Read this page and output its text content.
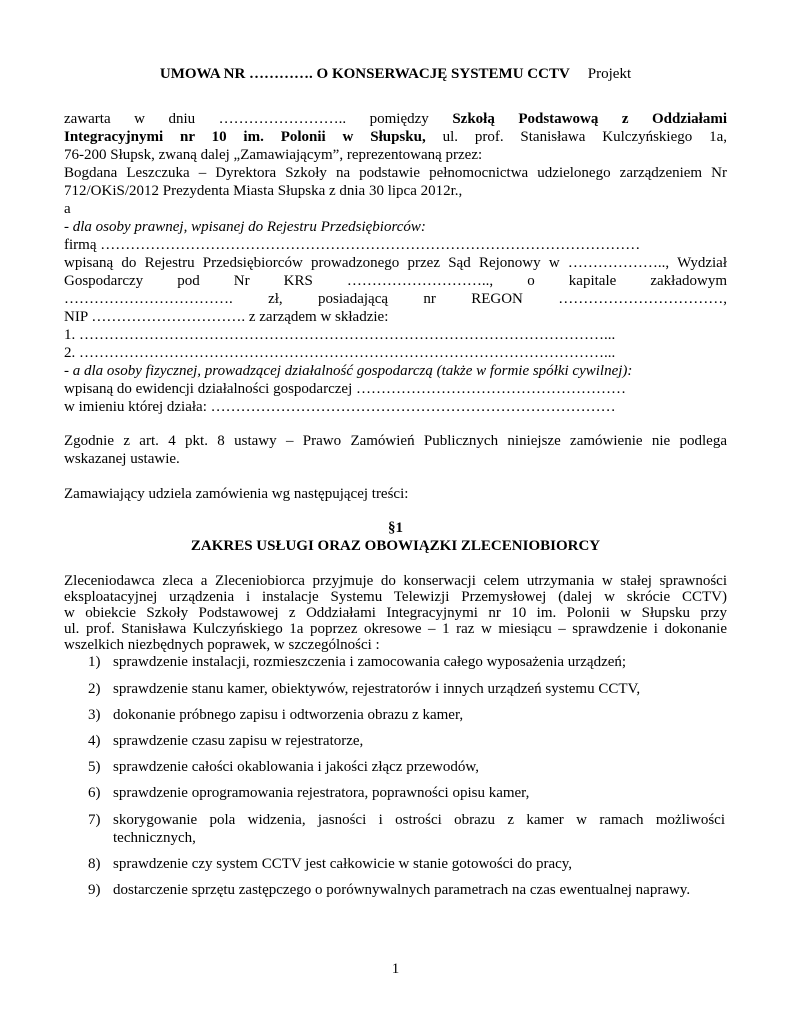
UMOWA NR …………. O KONSERWACJĘ SYSTEMU CCTV Projekt
zawarta w dniu …………………….. pomiędzy Szkołą Podstawową z Oddziałami
Integracyjnymi nr 10 im. Polonii w Słupsku, ul. prof. Stanisława Kulczyńskiego 1a,
76-200 Słupsk, zwaną dalej „Zamawiającym”, reprezentowaną przez:
Bogdana Leszczuka – Dyrektora Szkoły na podstawie pełnomocnictwa udzielonego zarządzeniem Nr
712/OKiS/2012 Prezydenta Miasta Słupska z dnia 30 lipca 2012r.,
a
- dla osoby prawnej, wpisanej do Rejestru Przedsiębiorców:
firmą ………………………………………………………………………………………………
wpisaną do Rejestru Przedsiębiorców prowadzonego przez Sąd Rejonowy w ……………….., Wydział
Gospodarczy pod Nr KRS ……………………….., o kapitale zakładowym
……………………………. zł, posiadającą nr REGON ……………………………,
NIP …………………………. z zarządem w składzie:
1. ……………………………………………………………………………………………...
2. ……………………………………………………………………………………………...
- a dla osoby fizycznej, prowadzącej działalność gospodarczą (także w formie spółki cywilnej):
wpisaną do ewidencji działalności gospodarczej ………………………………………………
w imieniu której działa: ………………………………………………………………………
Zgodnie z art. 4 pkt. 8 ustawy – Prawo Zamówień Publicznych niniejsze zamówienie nie podlega
wskazanej ustawie.
Zamawiający udziela zamówienia wg następującej treści:
§1
ZAKRES USŁUGI ORAZ OBOWIĄZKI ZLECENIOBIORCY
Zleceniodawca zleca a Zleceniobiorca przyjmuje do konserwacji celem utrzymania w stałej sprawności
eksploatacyjnej urządzenia i instalacje Systemu Telewizji Przemysłowej (dalej w skrócie CCTV)
w obiekcie Szkoły Podstawowej z Oddziałami Integracyjnymi nr 10 im. Polonii w Słupsku przy
ul. prof. Stanisława Kulczyńskiego 1a poprzez okresowe – 1 raz w miesiącu – sprawdzenie i dokonanie
wszelkich niezbędnych poprawek, w szczególności :
1) sprawdzenie instalacji, rozmieszczenia i zamocowania całego wyposażenia urządzeń;
2) sprawdzenie stanu kamer, obiektywów, rejestratorów i innych urządzeń systemu CCTV,
3) dokonanie próbnego zapisu i odtworzenia obrazu z kamer,
4) sprawdzenie czasu zapisu w rejestratorze,
5) sprawdzenie całości okablowania i jakości złącz przewodów,
6) sprawdzenie oprogramowania rejestratora, poprawności opisu kamer,
7) skorygowanie pola widzenia, jasności i ostrości obrazu z kamer w ramach możliwości
technicznych,
8) sprawdzenie czy system CCTV jest całkowicie w stanie gotowości do pracy,
9) dostarczenie sprzętu zastępczego o porównywalnych parametrach na czas ewentualnej naprawy.
1
